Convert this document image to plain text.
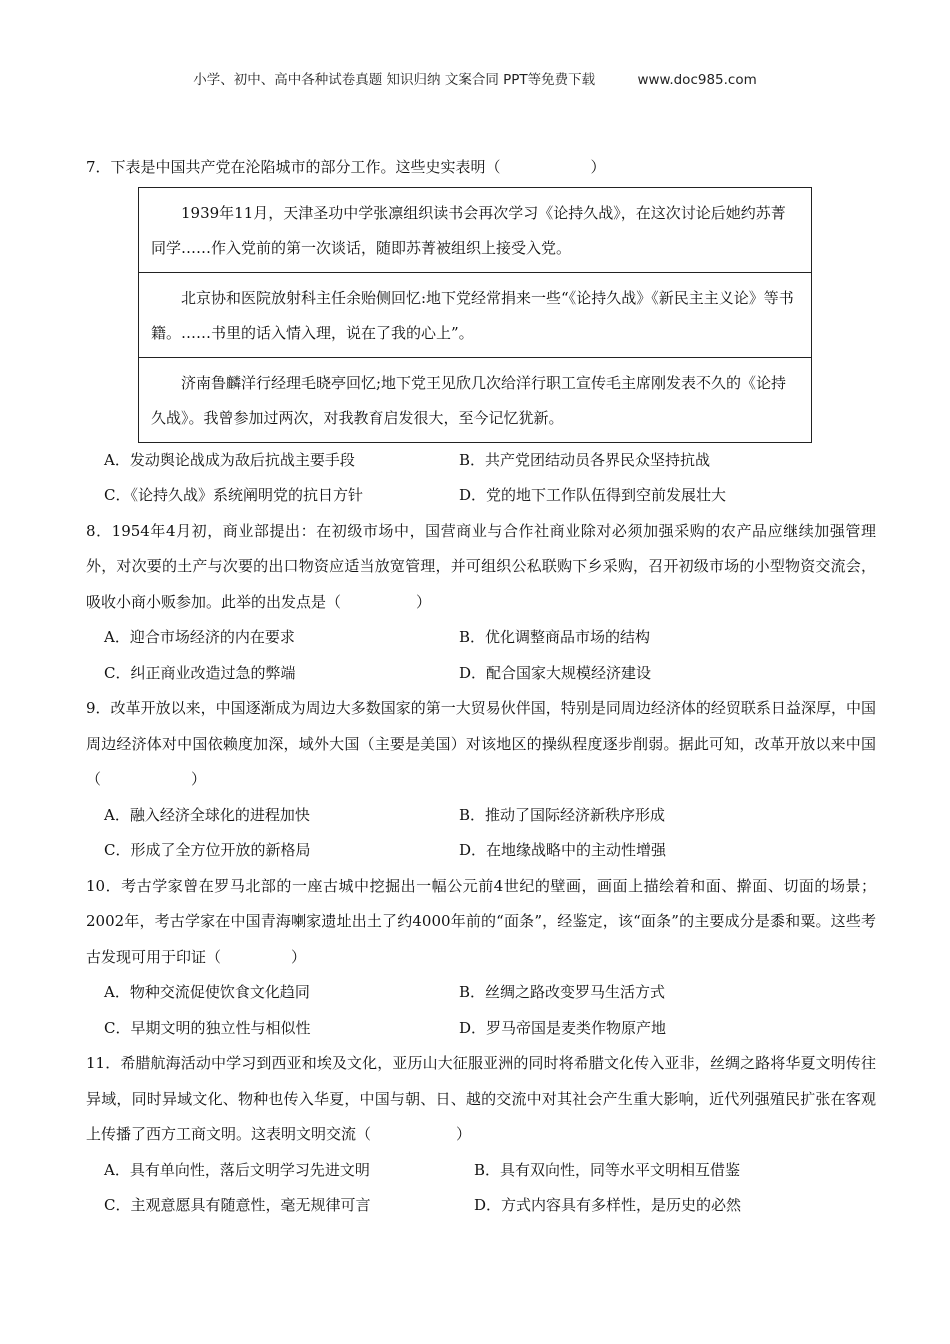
小学、初中、高中各种试卷真题 知识归纳 文案合同 PPT等免费下载	www.doc985.com

7．下表是中国共产党在沦陷城市的部分工作。这些史实表明（	）

1939年11月，天津圣功中学张凛组织读书会再次学习《论持久战》，在这次讨论后她约苏菁同学……作入党前的第一次谈话，随即苏菁被组织上接受入党。
北京协和医院放射科主任余贻侧回忆:地下党经常捐来一些“《论持久战》《新民主主义论》等书籍。……书里的话入情入理，说在了我的心上”。
济南鲁麟洋行经理毛晓亭回忆;地下党王见欣几次给洋行职工宣传毛主席刚发表不久的《论持久战》。我曾参加过两次，对我教育启发很大，至今记忆犹新。
A．发动舆论战成为敌后抗战主要手段	B．共产党团结动员各界民众坚持抗战
C．《论持久战》系统阐明党的抗日方针	D．党的地下工作队伍得到空前发展壮大

8．1954年4月初，商业部提出：在初级市场中，国营商业与合作社商业除对必须加强采购的农产品应继续加强管理外，对次要的土产与次要的出口物资应适当放宽管理，并可组织公私联购下乡采购，召开初级市场的小型物资交流会，吸收小商小贩参加。此举的出发点是（	）

A．迎合市场经济的内在要求	B．优化调整商品市场的结构
C．纠正商业改造过急的弊端	D．配合国家大规模经济建设

9．改革开放以来，中国逐渐成为周边大多数国家的第一大贸易伙伴国，特别是同周边经济体的经贸联系日益深厚，中国周边经济体对中国依赖度加深，域外大国（主要是美国）对该地区的操纵程度逐步削弱。据此可知，改革开放以来中国（	）

A．融入经济全球化的进程加快	B．推动了国际经济新秩序形成
C．形成了全方位开放的新格局	D．在地缘战略中的主动性增强

10．考古学家曾在罗马北部的一座古城中挖掘出一幅公元前4世纪的壁画，画面上描绘着和面、擀面、切面的场景；2002年，考古学家在中国青海喇家遗址出土了约4000年前的“面条”，经鉴定，该“面条”的主要成分是黍和粟。这些考古发现可用于印证（	）

A．物种交流促使饮食文化趋同	B．丝绸之路改变罗马生活方式
C．早期文明的独立性与相似性	D．罗马帝国是麦类作物原产地

11．希腊航海活动中学习到西亚和埃及文化，亚历山大征服亚洲的同时将希腊文化传入亚非，丝绸之路将华夏文明传往异域，同时异域文化、物种也传入华夏，中国与朝、日、越的交流中对其社会产生重大影响，近代列强殖民扩张在客观上传播了西方工商文明。这表明文明交流（	）

A．具有单向性，落后文明学习先进文明	B．具有双向性，同等水平文明相互借鉴
C．主观意愿具有随意性，毫无规律可言	D．方式内容具有多样性，是历史的必然
